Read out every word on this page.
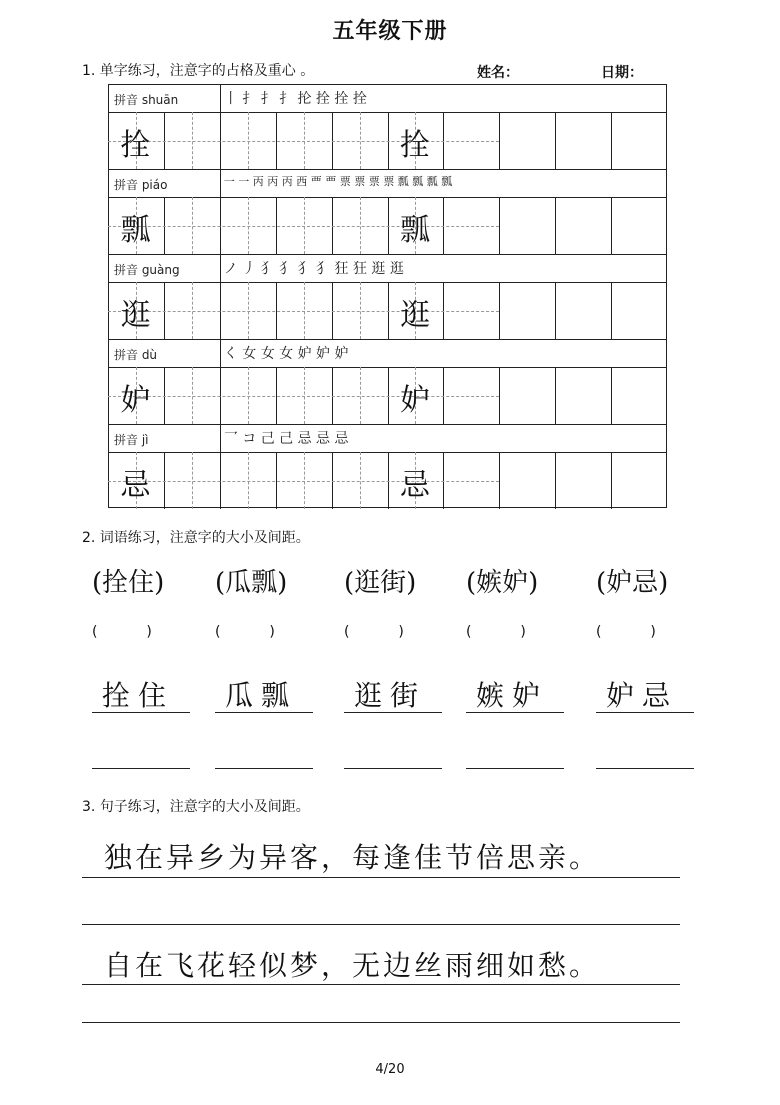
五年级下册
1. 单字练习，注意字的占格及重心 。	姓名：	日期：
拼音 shuān	丨 扌 扌 扌 抡 拴 拴 拴
拴	拴
拼音 piáo	一 一 丙 丙 丙 西 覀 覀 票 票 票 票 瓢 瓢 瓢 瓢
瓢	瓢
拼音 guàng	ノ 丿 犭 犭 犭 犭 狂 狂 逛 逛
逛	逛
拼音 dù	く 女 女 女 妒 妒 妒
妒	妒
拼音 jì	乛 コ 己 己 忌 忌 忌
忌	忌
2. 词语练习，注意字的大小及间距。
(拴住)
(           )
拴住
(瓜瓢)
(           )
瓜瓢
(逛街)
(           )
逛街
(嫉妒)
(           )
嫉妒
(妒忌)
(           )
妒忌
3. 句子练习，注意字的大小及间距。
独在异乡为异客，每逢佳节倍思亲。
自在飞花轻似梦，无边丝雨细如愁。
4/20
